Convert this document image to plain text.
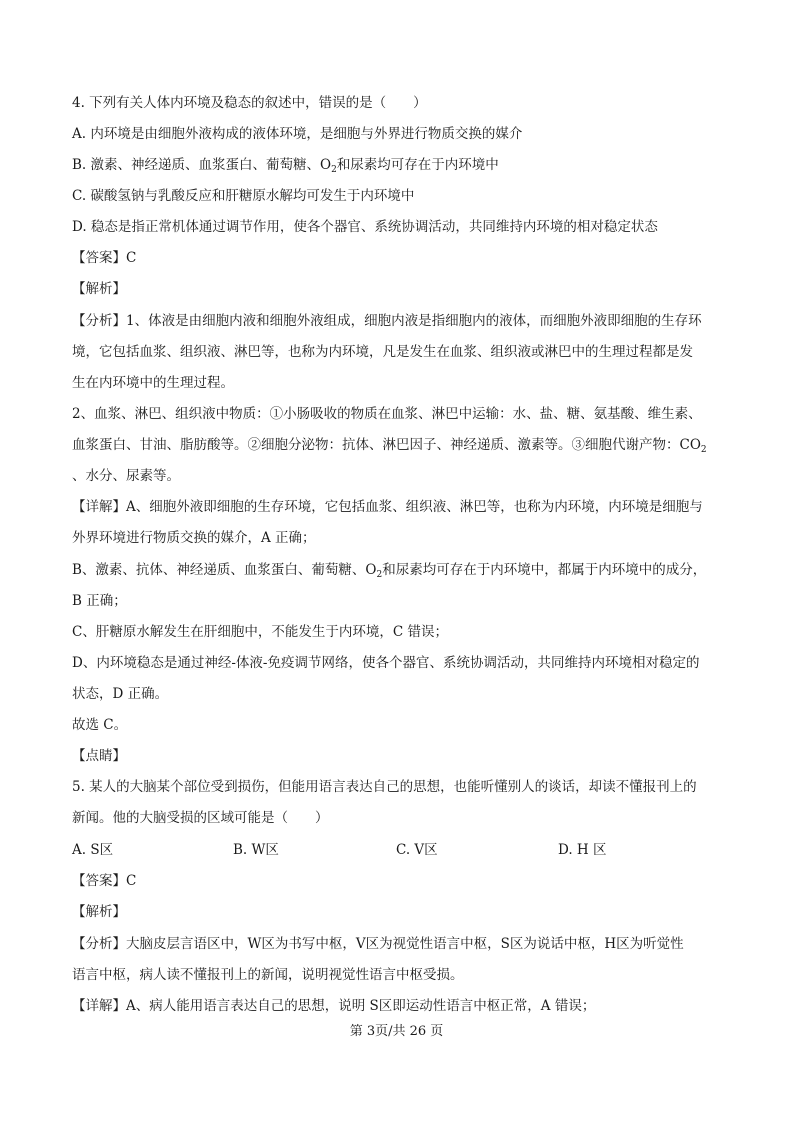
4. 下列有关人体内环境及稳态的叙述中，错误的是（　　）
A. 内环境是由细胞外液构成的液体环境，是细胞与外界进行物质交换的媒介
B. 激素、神经递质、血浆蛋白、葡萄糖、$O_2$和尿素均可存在于内环境中
C. 碳酸氢钠与乳酸反应和肝糖原水解均可发生于内环境中
D. 稳态是指正常机体通过调节作用，使各个器官、系统协调活动，共同维持内环境的相对稳定状态
【答案】C
【解析】
【分析】1、体液是由细胞内液和细胞外液组成，细胞内液是指细胞内的液体，而细胞外液即细胞的生存环
境，它包括血浆、组织液、淋巴等，也称为内环境，凡是发生在血浆、组织液或淋巴中的生理过程都是发
生在内环境中的生理过程。
2、血浆、淋巴、组织液中物质：①小肠吸收的物质在血浆、淋巴中运输：水、盐、糖、氨基酸、维生素、
血浆蛋白、甘油、脂肪酸等。②细胞分泌物：抗体、淋巴因子、神经递质、激素等。③细胞代谢产物：$CO_2$
、水分、尿素等。
【详解】A、细胞外液即细胞的生存环境，它包括血浆、组织液、淋巴等，也称为内环境，内环境是细胞与
外界环境进行物质交换的媒介，A 正确；
B、激素、抗体、神经递质、血浆蛋白、葡萄糖、$O_2$和尿素均可存在于内环境中，都属于内环境中的成分，
B 正确；
C、肝糖原水解发生在肝细胞中，不能发生于内环境，C 错误；
D、内环境稳态是通过神经-体液-免疫调节网络，使各个器官、系统协调活动，共同维持内环境相对稳定的
状态，D 正确。
故选 C。
【点睛】
5. 某人的大脑某个部位受到损伤，但能用语言表达自己的思想，也能听懂别人的谈话，却读不懂报刊上的
新闻。他的大脑受损的区域可能是（　　）
A. S区	B. W区	C. V区	D. H 区
【答案】C
【解析】
【分析】大脑皮层言语区中，W区为书写中枢，V区为视觉性语言中枢，S区为说话中枢，H区为听觉性
语言中枢，病人读不懂报刊上的新闻，说明视觉性语言中枢受损。
【详解】A、病人能用语言表达自己的思想，说明 S区即运动性语言中枢正常，A 错误；
第 3页/共 26 页
